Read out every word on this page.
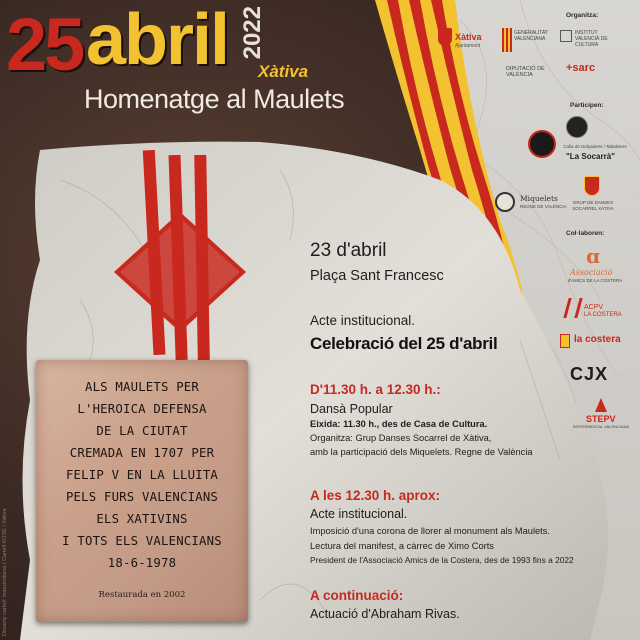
25 abril 2022
Xàtiva
Homenatge al Maulets
Organitza:
Xàtiva
Ajuntament
GENERALITAT VALENCIANA
INSTITUT VALENCIÀ DE CULTURA
DIPUTACIÓ DE VALÈNCIA
+sarc
Participen:
Colla de Dolçainers i Tabaleters
"La Socarrà"
Miquelets
REGNE DE VALÈNCIA
GRUP DE DANSES SOCARREL XÀTIVA
Col·laboren:
ɑ
Associació
d'AMICS DE LA COSTERA
ACPV
LA COSTERA
la costera
CJX
STEPV
INTERSINDICAL VALENCIANA
ALS MAULETS PER
L'HEROICA DEFENSA
DE LA CIUTAT
CREMADA EN 1707 PER
FELIP V EN LA LLUITA
PELS FURS VALENCIANS
ELS XATIVINS
I TOTS ELS VALENCIANS
18-6-1978
Restaurada en 2002
23 d'abril
Plaça Sant Francesc
Acte institucional.
Celebració del 25 d'abril
D'11.30 h. a 12.30 h.:
Dansà Popular
Eixida: 11.30 h., des de Casa de Cultura.
Organitza: Grup Danses Socarrel de Xàtiva,
amb la participació dels Miquelets. Regne de València
A les 12.30 h. aprox:
Acte institucional.
Imposició d'una corona de llorer al monument als Maulets.
Lectura del manifest, a càrrec de Ximo Corts
President de l'Associació Amics de la Costera, des de 1993 fins a 2022
A continuació:
Actuació d'Abraham Rivas.
Disseny cartell: massimiliano | Cartell XOSÉ | Xàtiva
